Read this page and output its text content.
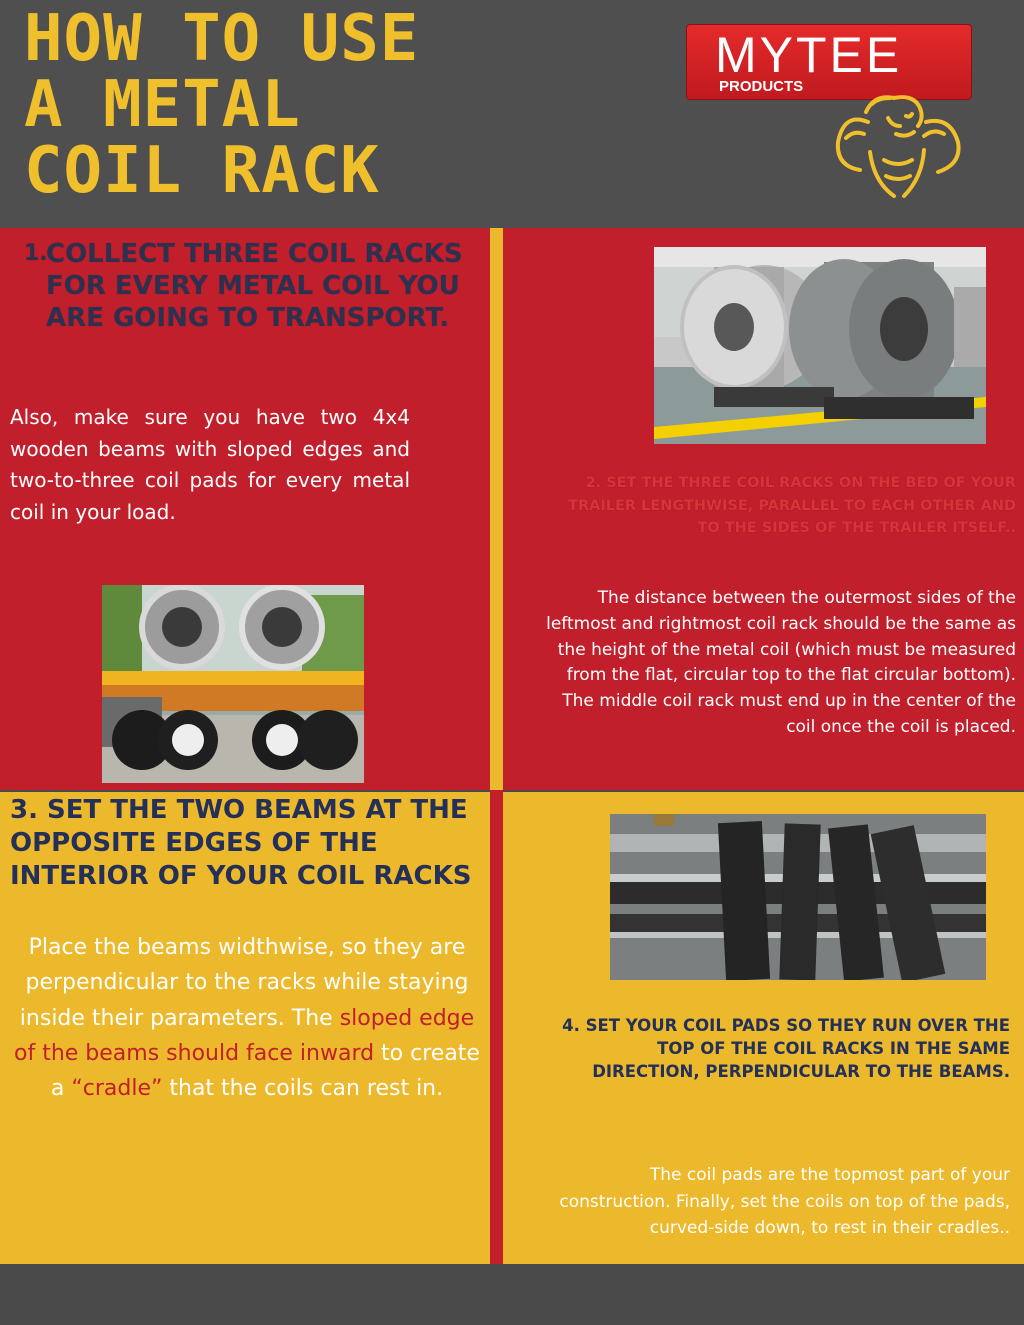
HOW TO USE
A METAL
COIL RACK
MYTEE
PRODUCTS
1.
COLLECT THREE COIL RACKS FOR EVERY METAL COIL YOU ARE GOING TO TRANSPORT.
Also, make sure you have two 4x4 wooden beams with sloped edges and two-to-three coil pads for every metal coil in your load.
2. SET THE THREE COIL RACKS ON THE BED OF YOUR TRAILER LENGTHWISE, PARALLEL TO EACH OTHER AND TO THE SIDES OF THE TRAILER ITSELF..
The distance between the outermost sides of the leftmost and rightmost coil rack should be the same as the height of the metal coil (which must be measured from the flat, circular top to the flat circular bottom). The middle coil rack must end up in the center of the coil once the coil is placed.
3. SET THE TWO BEAMS AT THE OPPOSITE EDGES OF THE INTERIOR OF YOUR COIL RACKS
Place the beams widthwise, so they are perpendicular to the racks while staying inside their parameters. The sloped edge of the beams should face inward to create a “cradle” that the coils can rest in.
4. SET YOUR COIL PADS SO THEY RUN OVER THE TOP OF THE COIL RACKS IN THE SAME DIRECTION, PERPENDICULAR TO THE BEAMS.
The coil pads are the topmost part of your construction. Finally, set the coils on top of the pads, curved-side down, to rest in their cradles..
